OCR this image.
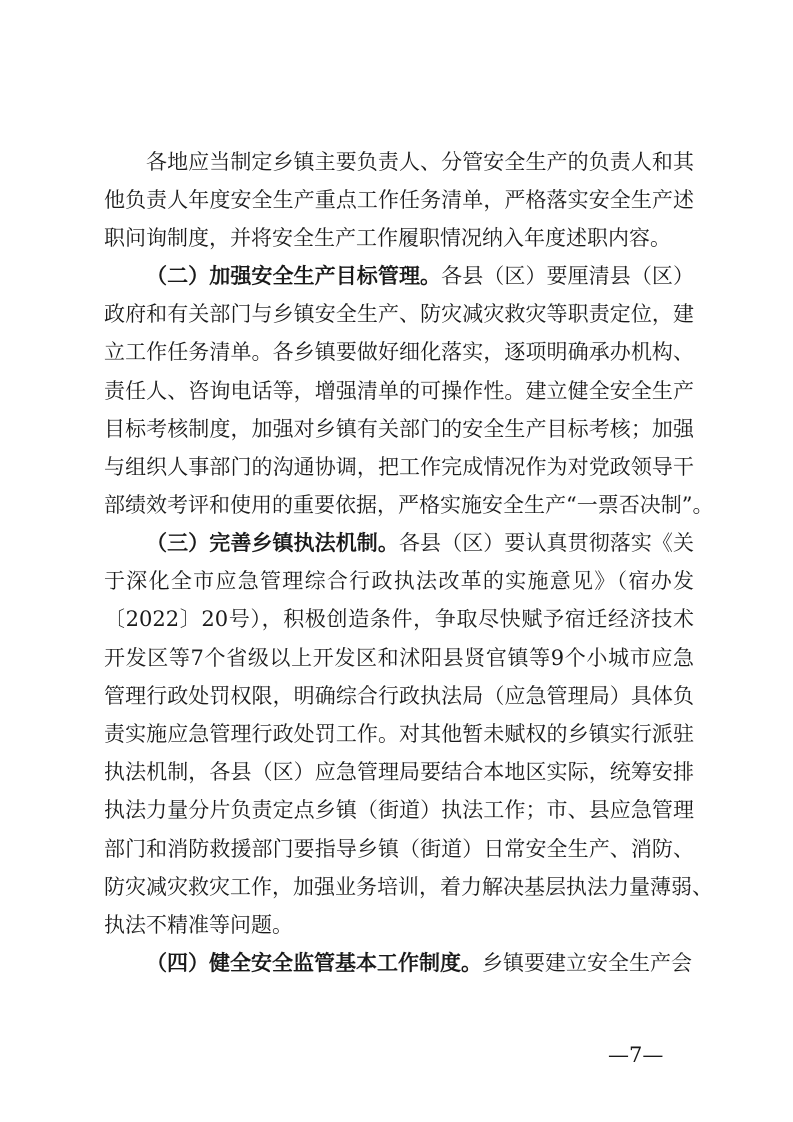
各地应当制定乡镇主要负责人、分管安全生产的负责人和其
他负责人年度安全生产重点工作任务清单，严格落实安全生产述
职问询制度，并将安全生产工作履职情况纳入年度述职内容。
（二）加强安全生产目标管理。各县（区）要厘清县（区）
政府和有关部门与乡镇安全生产、防灾减灾救灾等职责定位，建
立工作任务清单。各乡镇要做好细化落实，逐项明确承办机构、
责任人、咨询电话等，增强清单的可操作性。建立健全安全生产
目标考核制度，加强对乡镇有关部门的安全生产目标考核；加强
与组织人事部门的沟通协调，把工作完成情况作为对党政领导干
部绩效考评和使用的重要依据，严格实施安全生产“一票否决制”。
（三）完善乡镇执法机制。各县（区）要认真贯彻落实《关
于深化全市应急管理综合行政执法改革的实施意见》（宿办发
〔2022〕20号），积极创造条件，争取尽快赋予宿迁经济技术
开发区等7个省级以上开发区和沭阳县贤官镇等9个小城市应急
管理行政处罚权限，明确综合行政执法局（应急管理局）具体负
责实施应急管理行政处罚工作。对其他暂未赋权的乡镇实行派驻
执法机制，各县（区）应急管理局要结合本地区实际，统筹安排
执法力量分片负责定点乡镇（街道）执法工作；市、县应急管理
部门和消防救援部门要指导乡镇（街道）日常安全生产、消防、
防灾减灾救灾工作，加强业务培训，着力解决基层执法力量薄弱、
执法不精准等问题。
（四）健全安全监管基本工作制度。乡镇要建立安全生产会
—7—
